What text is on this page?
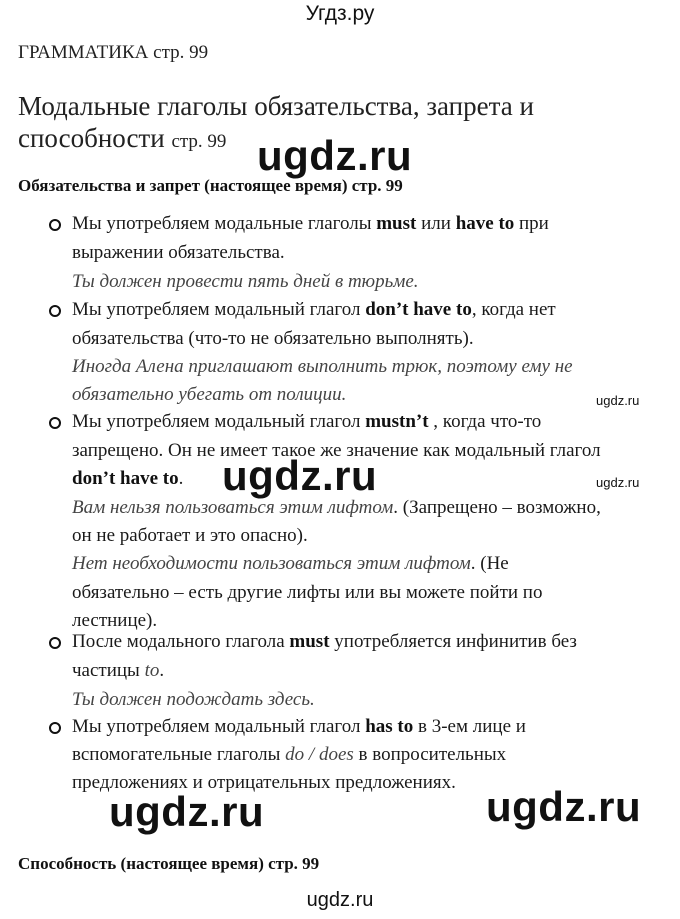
Угдз.ру
ГРАММАТИКА стр. 99
Модальные глаголы обязательства, запрета и
способности стр. 99
Обязательства и запрет (настоящее время) стр. 99
ugdz.ru
ugdz.ru
ugdz.ru	ugdz.ru
ugdz.ru
ugdz.ru
Мы употребляем модальные глаголы must или have to при
выражении обязательства.
Ты должен провести пять дней в тюрьме.
Мы употребляем модальный глагол don’t have to, когда нет
обязательства (что-то не обязательно выполнять).
Иногда Алена приглашают выполнить трюк, поэтому ему не
обязательно убегать от полиции.
Мы употребляем модальный глагол mustn’t , когда что-то
запрещено. Он не имеет такое же значение как модальный глагол
don’t have to.
Вам нельзя пользоваться этим лифтом. (Запрещено – возможно,
он не работает и это опасно).
Нет необходимости пользоваться этим лифтом. (Не
обязательно – есть другие лифты или вы можете пойти по
лестнице).
После модального глагола must употребляется инфинитив без
частицы to.
Ты должен подождать здесь.
Мы употребляем модальный глагол has to в 3-ем лице и
вспомогательные глаголы do / does в вопросительных
предложениях и отрицательных предложениях.
Способность (настоящее время) стр. 99
ugdz.ru
